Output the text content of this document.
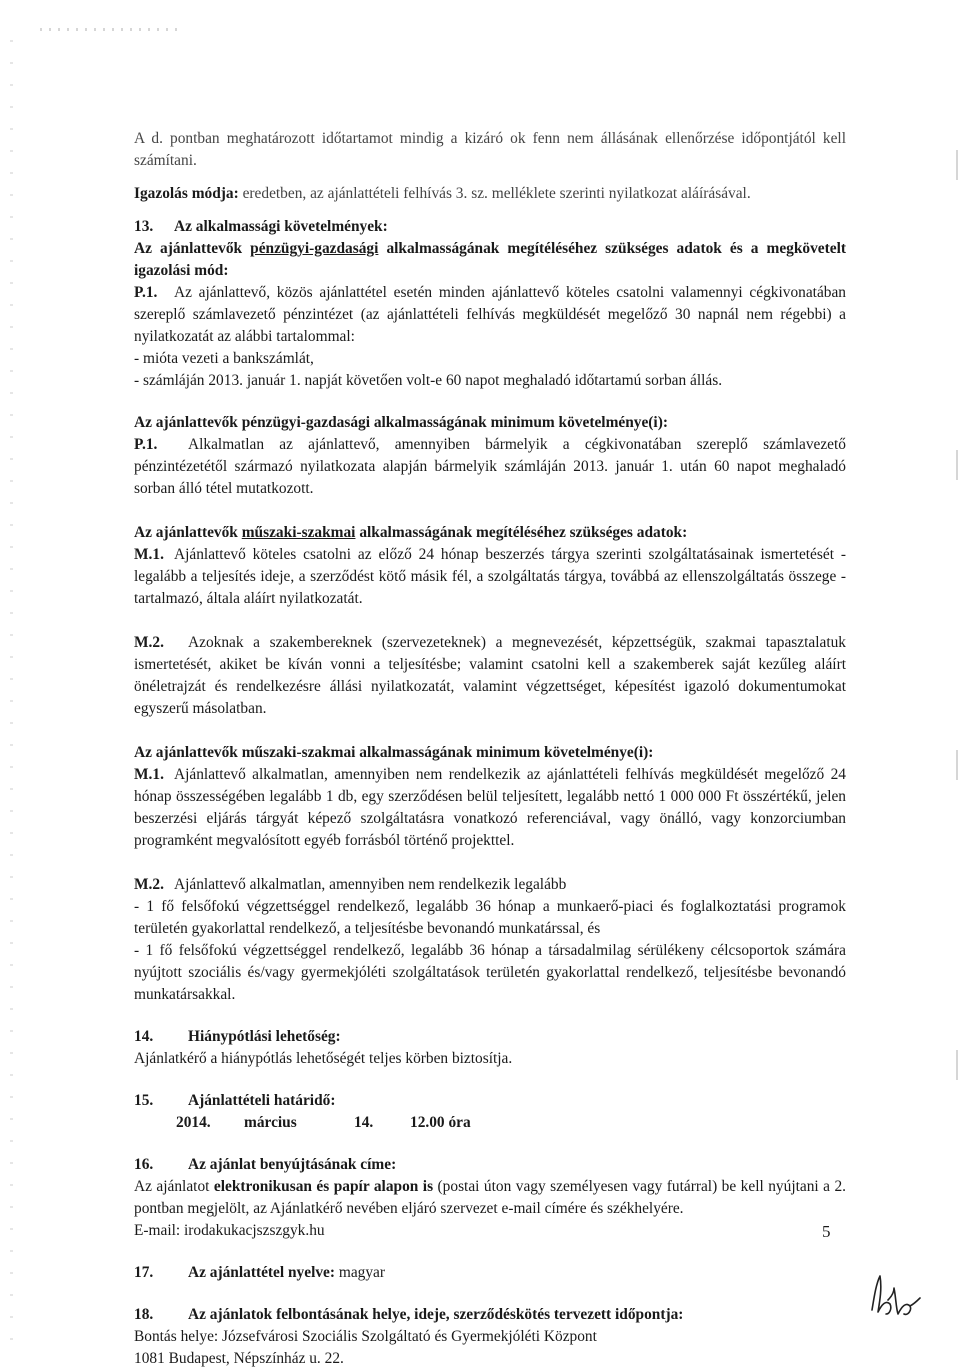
A d. pontban meghatározott időtartamot mindig a kizáró ok fenn nem állásának ellenőrzése időpontjától kell számítani.

Igazolás módja: eredetben, az ajánlattételi felhívás 3. sz. melléklete szerinti nyilatkozat aláírásával.

13. Az alkalmassági követelmények:

Az ajánlattevők pénzügyi-gazdasági alkalmasságának megítéléséhez szükséges adatok és a megkövetelt igazolási mód:

P.1. Az ajánlattevő, közös ajánlattétel esetén minden ajánlattevő köteles csatolni valamennyi cégkivonatában szereplő számlavezető pénzintézet (az ajánlattételi felhívás megküldését megelőző 30 napnál nem régebbi) a nyilatkozatát az alábbi tartalommal:

- mióta vezeti a bankszámlát,

- számláján 2013. január 1. napját követően volt-e 60 napot meghaladó időtartamú sorban állás.

Az ajánlattevők pénzügyi-gazdasági alkalmasságának minimum követelménye(i):

P.1. Alkalmatlan az ajánlattevő, amennyiben bármelyik a cégkivonatában szereplő számlavezető pénzintézetétől származó nyilatkozata alapján bármelyik számláján 2013. január 1. után 60 napot meghaladó sorban álló tétel mutatkozott.

Az ajánlattevők műszaki-szakmai alkalmasságának megítéléséhez szükséges adatok:

M.1. Ajánlattevő köteles csatolni az előző 24 hónap beszerzés tárgya szerinti szolgáltatásainak ismertetését - legalább a teljesítés ideje, a szerződést kötő másik fél, a szolgáltatás tárgya, továbbá az ellenszolgáltatás összege - tartalmazó, általa aláírt nyilatkozatát.

M.2. Azoknak a szakembereknek (szervezeteknek) a megnevezését, képzettségük, szakmai tapasztalatuk ismertetését, akiket be kíván vonni a teljesítésbe; valamint csatolni kell a szakemberek saját kezűleg aláírt önéletrajzát és rendelkezésre állási nyilatkozatát, valamint végzettséget, képesítést igazoló dokumentumokat egyszerű másolatban.

Az ajánlattevők műszaki-szakmai alkalmasságának minimum követelménye(i):

M.1. Ajánlattevő alkalmatlan, amennyiben nem rendelkezik az ajánlattételi felhívás megküldését megelőző 24 hónap összességében legalább 1 db, egy szerződésen belül teljesített, legalább nettó 1 000 000 Ft összértékű, jelen beszerzési eljárás tárgyát képező szolgáltatásra vonatkozó referenciával, vagy önálló, vagy konzorciumban programként megvalósított egyéb forrásból történő projekttel.

M.2. Ajánlattevő alkalmatlan, amennyiben nem rendelkezik legalább

- 1 fő felsőfokú végzettséggel rendelkező, legalább 36 hónap a munkaerő-piaci és foglalkoztatási programok területén gyakorlattal rendelkező, a teljesítésbe bevonandó munkatárssal, és

- 1 fő felsőfokú végzettséggel rendelkező, legalább 36 hónap a társadalmilag sérülékeny célcsoportok számára nyújtott szociális és/vagy gyermekjóléti szolgáltatások területén gyakorlattal rendelkező, teljesítésbe bevonandó munkatársakkal.

14. Hiánypótlási lehetőség:

Ajánlatkérő a hiánypótlás lehetőségét teljes körben biztosítja.

15. Ajánlattételi határidő:

2014. március	14. 12.00 óra

16. Az ajánlat benyújtásának címe:

Az ajánlatot elektronikusan és papír alapon is (postai úton vagy személyesen vagy futárral) be kell nyújtani a 2. pontban megjelölt, az Ajánlatkérő nevében eljáró szervezet e-mail címére és székhelyére.

E-mail: irodakukacjszszgyk.hu

17. Az ajánlattétel nyelve: magyar

18. Az ajánlatok felbontásának helye, ideje, szerződéskötés tervezett időpontja:

Bontás helye: Józsefvárosi Szociális Szolgáltató és Gyermekjóléti Központ

1081 Budapest, Népszínház u. 22.

5
